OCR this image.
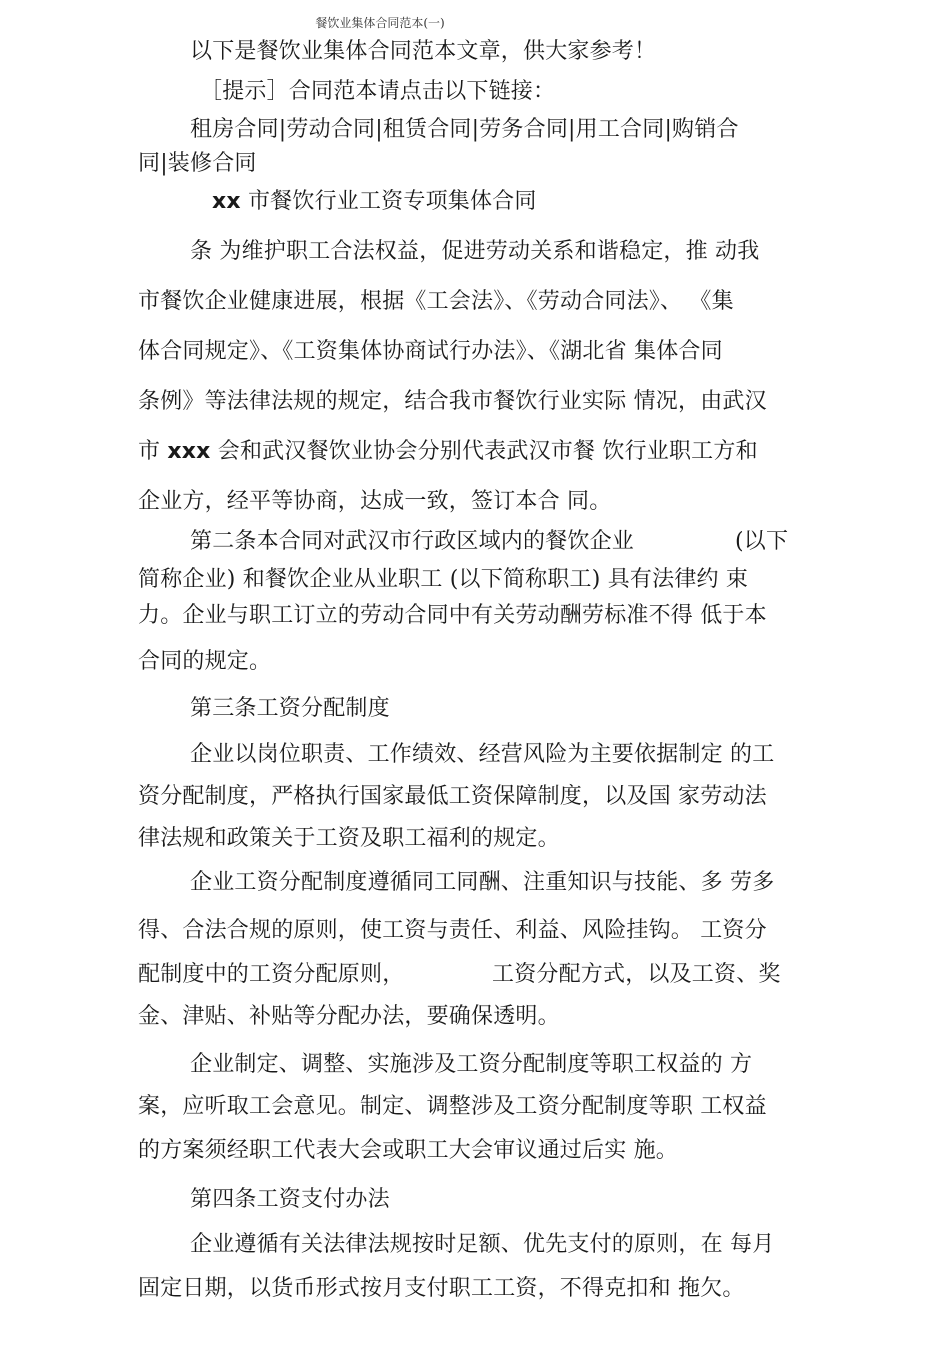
餐饮业集体合同范本(一)
以下是餐饮业集体合同范本文章，供大家参考！
［提示］合同范本请点击以下链接：
租房合同|劳动合同|租赁合同|劳务合同|用工合同|购销合
同|装修合同
xx 市餐饮行业工资专项集体合同
条 为维护职工合法权益，促进劳动关系和谐稳定，推 动我
市餐饮企业健康进展，根据《工会法》、《劳动合同法》、 《集
体合同规定》、《工资集体协商试行办法》、《湖北省 集体合同
条例》等法律法规的规定，结合我市餐饮行业实际 情况，由武汉
市 xxx 会和武汉餐饮业协会分别代表武汉市餐 饮行业职工方和
企业方，经平等协商，达成一致，签订本合 同。
第二条本合同对武汉市行政区域内的餐饮企业	(以下
简称企业) 和餐饮企业从业职工 (以下简称职工) 具有法律约 束
力。企业与职工订立的劳动合同中有关劳动酬劳标准不得 低于本
合同的规定。
第三条工资分配制度
企业以岗位职责、工作绩效、经营风险为主要依据制定 的工
资分配制度，严格执行国家最低工资保障制度，以及国 家劳动法
律法规和政策关于工资及职工福利的规定。
企业工资分配制度遵循同工同酬、注重知识与技能、多 劳多
得、合法合规的原则，使工资与责任、利益、风险挂钩。 工资分
配制度中的工资分配原则，	工资分配方式，以及工资、奖
金、津贴、补贴等分配办法，要确保透明。
企业制定、调整、实施涉及工资分配制度等职工权益的 方
案，应听取工会意见。制定、调整涉及工资分配制度等职 工权益
的方案须经职工代表大会或职工大会审议通过后实 施。
第四条工资支付办法
企业遵循有关法律法规按时足额、优先支付的原则，在 每月
固定日期，以货币形式按月支付职工工资，不得克扣和 拖欠。
